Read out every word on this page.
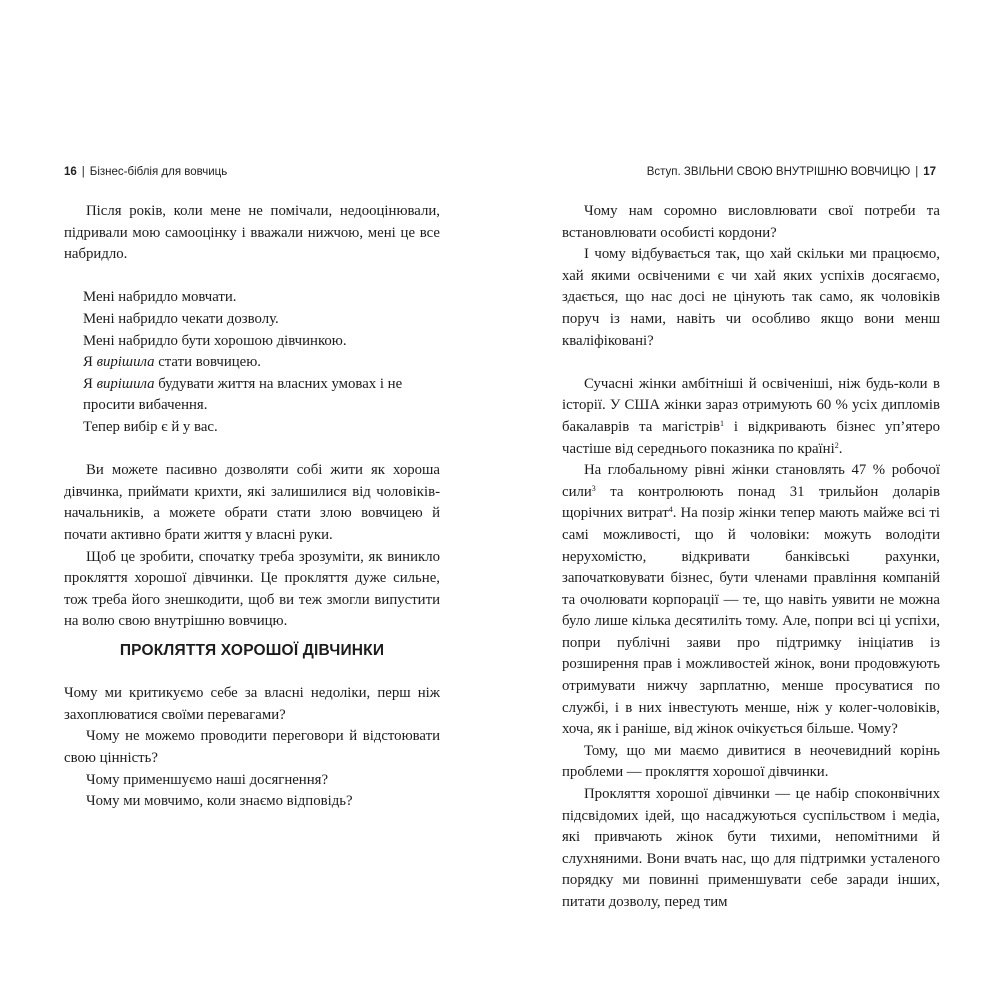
16 | Бізнес-біблія для вовчиць

Після років, коли мене не помічали, недооцінювали, підривали мою самооцінку і вважали нижчою, мені це все набридло.

Мені набридло мовчати.

Мені набридло чекати дозволу.

Мені набридло бути хорошою дівчинкою.

Я вирішила стати вовчицею.

Я вирішила будувати життя на власних умовах і не просити вибачення.

Тепер вибір є й у вас.

Ви можете пасивно дозволяти собі жити як хороша дівчинка, приймати крихти, які залишилися від чоловіків-начальників, а можете обрати стати злою вовчицею й почати активно брати життя у власні руки.

Щоб це зробити, спочатку треба зрозуміти, як виникло прокляття хорошої дівчинки. Це прокляття дуже сильне, тож треба його знешкодити, щоб ви теж змогли випустити на волю свою внутрішню вовчицю.

ПРОКЛЯТТЯ ХОРОШОЇ ДІВЧИНКИ

Чому ми критикуємо себе за власні недоліки, перш ніж захоплюватися своїми перевагами?

Чому не можемо проводити переговори й відстоювати свою цінність?

Чому применшуємо наші досягнення?

Чому ми мовчимо, коли знаємо відповідь?

Вступ. ЗВІЛЬНИ СВОЮ ВНУТРІШНЮ ВОВЧИЦЮ | 17

Чому нам соромно висловлювати свої потреби та встановлювати особисті кордони?

І чому відбувається так, що хай скільки ми працюємо, хай якими освіченими є чи хай яких успіхів досягаємо, здається, що нас досі не цінують так само, як чоловіків поруч із нами, навіть чи особливо якщо вони менш кваліфіковані?

Сучасні жінки амбітніші й освіченіші, ніж будь-коли в історії. У США жінки зараз отримують 60 % усіх дипломів бакалаврів та магістрів$^1$ і відкривають бізнес уп’ятеро частіше від середнього показника по країні$^2$.

На глобальному рівні жінки становлять 47 % робочої сили$^3$ та контролюють понад 31 трильйон доларів щорічних витрат$^4$. На позір жінки тепер мають майже всі ті самі можливості, що й чоловіки: можуть володіти нерухомістю, відкривати банківські рахунки, започатковувати бізнес, бути членами правління компаній та очолювати корпорації — те, що навіть уявити не можна було лише кілька десятиліть тому. Але, попри всі ці успіхи, попри публічні заяви про підтримку ініціатив із розширення прав і можливостей жінок, вони продовжують отримувати нижчу зарплатню, менше просуватися по службі, і в них інвестують менше, ніж у колег-чоловіків, хоча, як і раніше, від жінок очікується більше. Чому?

Тому, що ми маємо дивитися в неочевидний корінь проблеми — прокляття хорошої дівчинки.

Прокляття хорошої дівчинки — це набір споконвічних підсвідомих ідей, що насаджуються суспільством і медіа, які привчають жінок бути тихими, непомітними й слухняними. Вони вчать нас, що для підтримки усталеного порядку ми повинні применшувати себе заради інших, питати дозволу, перед тим
